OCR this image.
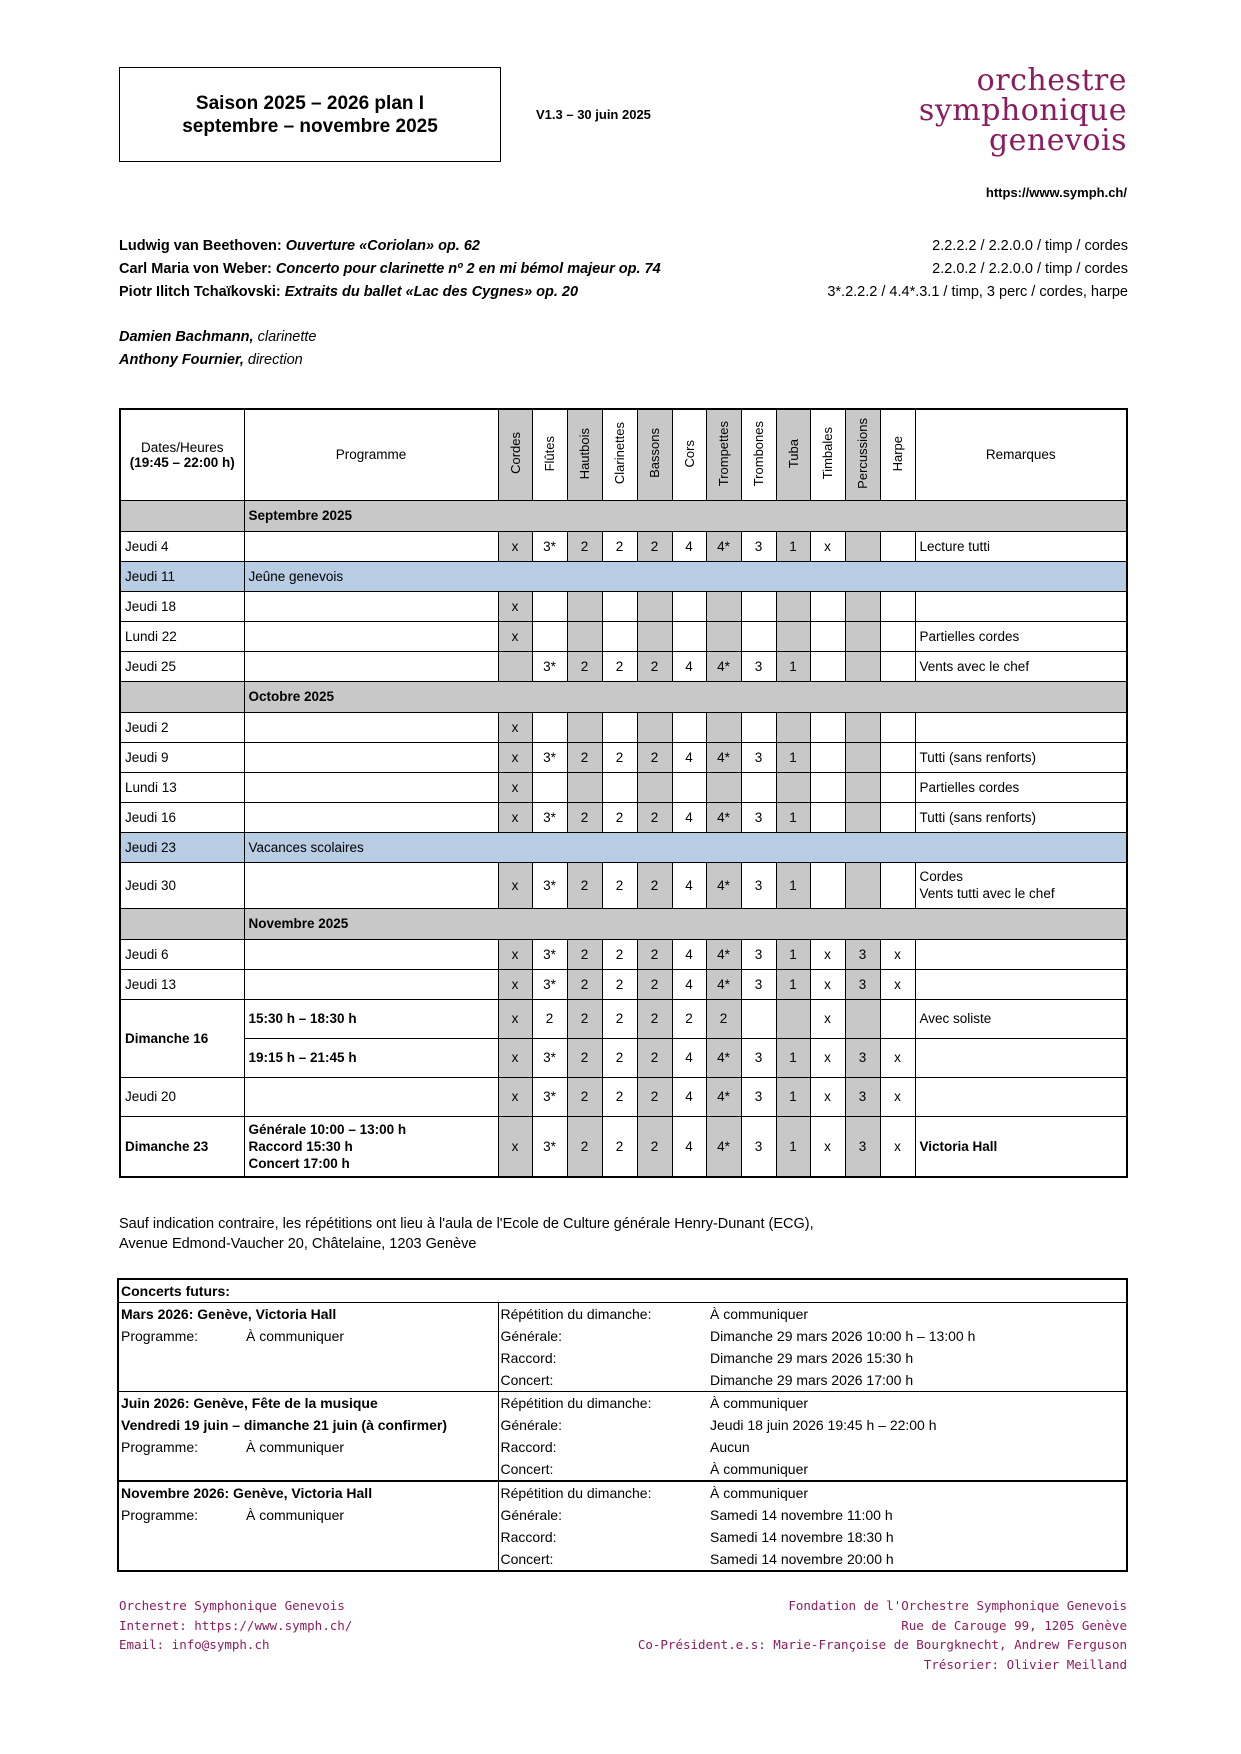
Saison 2025 – 2026 plan I
septembre – novembre 2025
V1.3 – 30 juin 2025
orchestre
symphonique
genevois
https://www.symph.ch/
Ludwig van Beethoven: Ouverture «Coriolan» op. 62	2.2.2.2 / 2.2.0.0 / timp / cordes
Carl Maria von Weber: Concerto pour clarinette nº 2 en mi bémol majeur op. 74	2.2.0.2 / 2.2.0.0 / timp / cordes
Piotr Ilitch Tchaïkovski: Extraits du ballet «Lac des Cygnes» op. 20	3*.2.2.2 / 4.4*.3.1 / timp, 3 perc / cordes, harpe
Damien Bachmann, clarinette
Anthony Fournier, direction
Dates/Heures
(19:45 – 22:00 h)	Programme	Cordes	Flûtes	Hautbois	Clarinettes	Bassons	Cors	Trompettes	Trombones	Tuba	Timbales	Percussions	Harpe	Remarques
	Septembre 2025													
Jeudi 4		x	3*	2	2	2	4	4*	3	1	x			Lecture tutti
Jeudi 11	Jeûne genevois													
Jeudi 18		x												
Lundi 22		x												Partielles cordes
Jeudi 25			3*	2	2	2	4	4*	3	1				Vents avec le chef
	Octobre 2025													
Jeudi 2		x												
Jeudi 9		x	3*	2	2	2	4	4*	3	1				Tutti (sans renforts)
Lundi 13		x												Partielles cordes
Jeudi 16		x	3*	2	2	2	4	4*	3	1				Tutti (sans renforts)
Jeudi 23	Vacances scolaires													
Jeudi 30		x	3*	2	2	2	4	4*	3	1				Cordes
Vents tutti avec le chef

	Novembre 2025													
Jeudi 6		x	3*	2	2	2	4	4*	3	1	x	3	x	
Jeudi 13		x	3*	2	2	2	4	4*	3	1	x	3	x	
Dimanche 16	15:30 h – 18:30 h	x	2	2	2	2	2	2			x			Avec soliste
	19:15 h – 21:45 h	x	3*	2	2	2	4	4*	3	1	x	3	x	
Jeudi 20		x	3*	2	2	2	4	4*	3	1	x	3	x	
Dimanche 23	Générale 10:00 – 13:00 h
Raccord 15:30 h
Concert 17:00 h	x	3*	2	2	2	4	4*	3	1	x	3	x	Victoria Hall
Sauf indication contraire, les répétitions ont lieu à l'aula de l'Ecole de Culture générale Henry-Dunant (ECG),
Avenue Edmond-Vaucher 20, Châtelaine, 1203 Genève
Concerts futurs:			
Mars 2026: Genève, Victoria Hall		Répétition du dimanche:	À communiquer
Programme:	À communiquer	Générale:	Dimanche 29 mars 2026 10:00 h – 13:00 h
		Raccord:	Dimanche 29 mars 2026 15:30 h
		Concert:	Dimanche 29 mars 2026 17:00 h
Juin 2026: Genève, Fête de la musique		Répétition du dimanche:	À communiquer
Vendredi 19 juin – dimanche 21 juin (à confirmer)		Générale:	Jeudi 18 juin 2026 19:45 h – 22:00 h
Programme:	À communiquer	Raccord:	Aucun
		Concert:	À communiquer
Novembre 2026: Genève, Victoria Hall		Répétition du dimanche:	À communiquer
Programme:	À communiquer	Générale:	Samedi 14 novembre 11:00 h
		Raccord:	Samedi 14 novembre 18:30 h
		Concert:	Samedi 14 novembre 20:00 h
Orchestre Symphonique Genevois
Internet: https://www.symph.ch/
Email: info@symph.ch
Fondation de l'Orchestre Symphonique Genevois
Rue de Carouge 99, 1205 Genève
Co-Président.e.s: Marie-Françoise de Bourgknecht, Andrew Ferguson
Trésorier: Olivier Meilland
